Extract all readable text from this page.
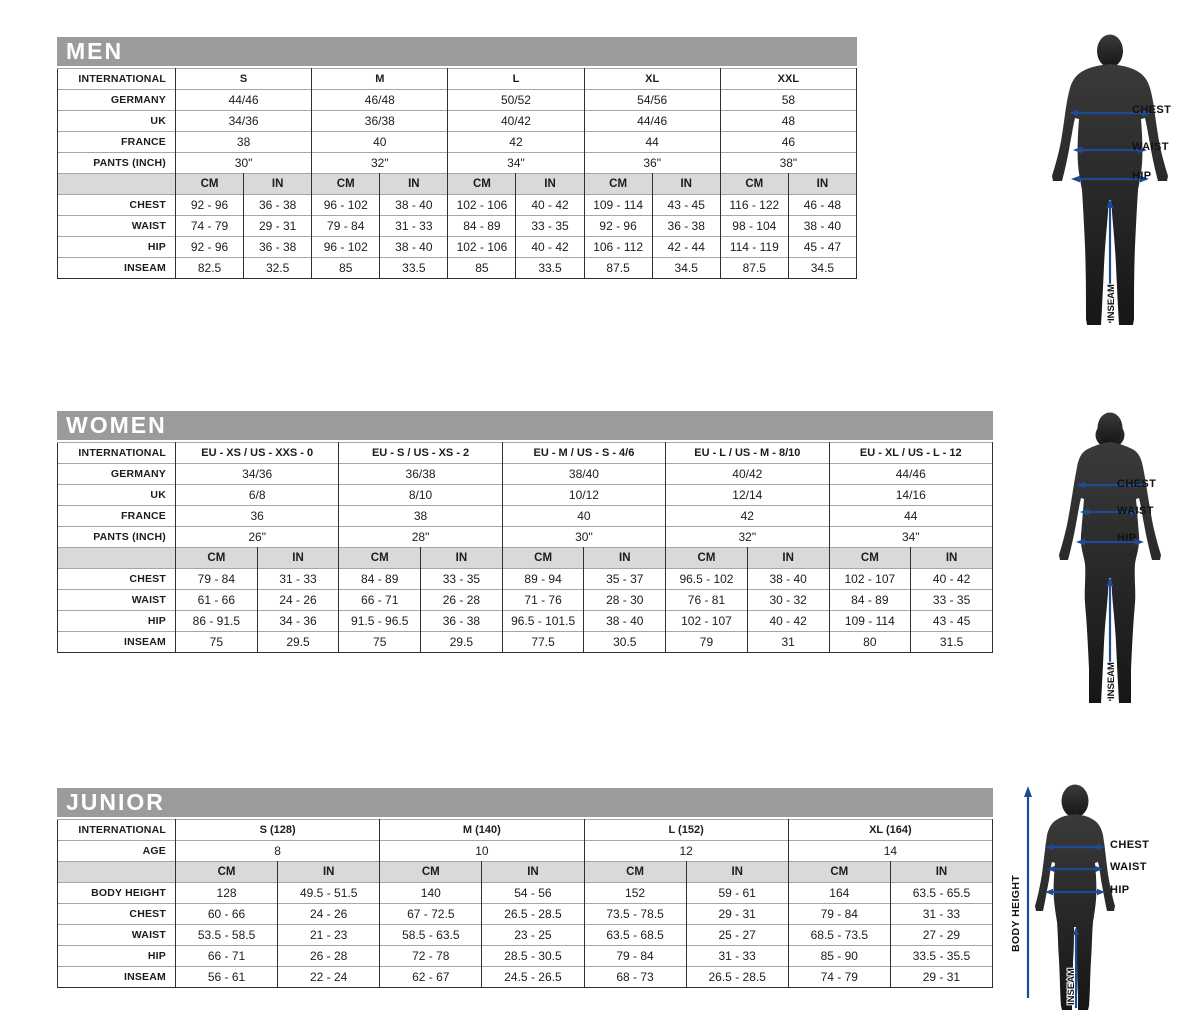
MEN
INTERNATIONAL	S		M		L		XL		XXL	
GERMANY	44/46		46/48		50/52		54/56		58	
UK	34/36		36/38		40/42		44/46		48	
FRANCE	38		40		42		44		46	
PANTS (INCH)	30"		32"		34"		36"		38"	
	CM	IN	CM	IN	CM	IN	CM	IN	CM	IN
CHEST	92 - 96	36 - 38	96 - 102	38 - 40	102 - 106	40 - 42	109 - 114	43 - 45	116 - 122	46 - 48
WAIST	74 - 79	29 - 31	79 - 84	31 - 33	84 - 89	33 - 35	92 - 96	36 - 38	98 - 104	38 - 40
HIP	92 - 96	36 - 38	96 - 102	38 - 40	102 - 106	40 - 42	106 - 112	42 - 44	114 - 119	45 - 47
INSEAM	82.5	32.5	85	33.5	85	33.5	87.5	34.5	87.5	34.5
WOMEN
INTERNATIONAL	EU - XS / US - XXS - 0		EU - S / US - XS - 2		EU - M / US - S - 4/6		EU - L / US - M - 8/10		EU - XL / US - L - 12	
GERMANY	34/36		36/38		38/40		40/42		44/46	
UK	6/8		8/10		10/12		12/14		14/16	
FRANCE	36		38		40		42		44	
PANTS (INCH)	26"		28"		30"		32"		34"	
	CM	IN	CM	IN	CM	IN	CM	IN	CM	IN
CHEST	79 - 84	31 - 33	84 - 89	33 - 35	89 - 94	35 - 37	96.5 - 102	38 - 40	102 - 107	40 - 42
WAIST	61 - 66	24 - 26	66 - 71	26 - 28	71 - 76	28 - 30	76 - 81	30 - 32	84 - 89	33 - 35
HIP	86 - 91.5	34 - 36	91.5 - 96.5	36 - 38	96.5 - 101.5	38 - 40	102 - 107	40 - 42	109 - 114	43 - 45
INSEAM	75	29.5	75	29.5	77.5	30.5	79	31	80	31.5
JUNIOR
INTERNATIONAL	S (128)		M (140)		L (152)		XL (164)	
AGE	8		10		12		14	
	CM	IN	CM	IN	CM	IN	CM	IN
BODY HEIGHT	128	49.5 - 51.5	140	54 - 56	152	59 - 61	164	63.5 - 65.5
CHEST	60 - 66	24 - 26	67 - 72.5	26.5 - 28.5	73.5 - 78.5	29 - 31	79 - 84	31 - 33
WAIST	53.5 - 58.5	21 - 23	58.5 - 63.5	23 - 25	63.5 - 68.5	25 - 27	68.5 - 73.5	27 - 29
HIP	66 - 71	26 - 28	72 - 78	28.5 - 30.5	79 - 84	31 - 33	85 - 90	33.5 - 35.5
INSEAM	56 - 61	22 - 24	62 - 67	24.5 - 26.5	68 - 73	26.5 - 28.5	74 - 79	29 - 31
INSEAM
CHEST
WAIST
HIP
INSEAM
CHEST
WAIST
HIP
BODY HEIGHT
INSEAM
CHEST
WAIST
HIP
